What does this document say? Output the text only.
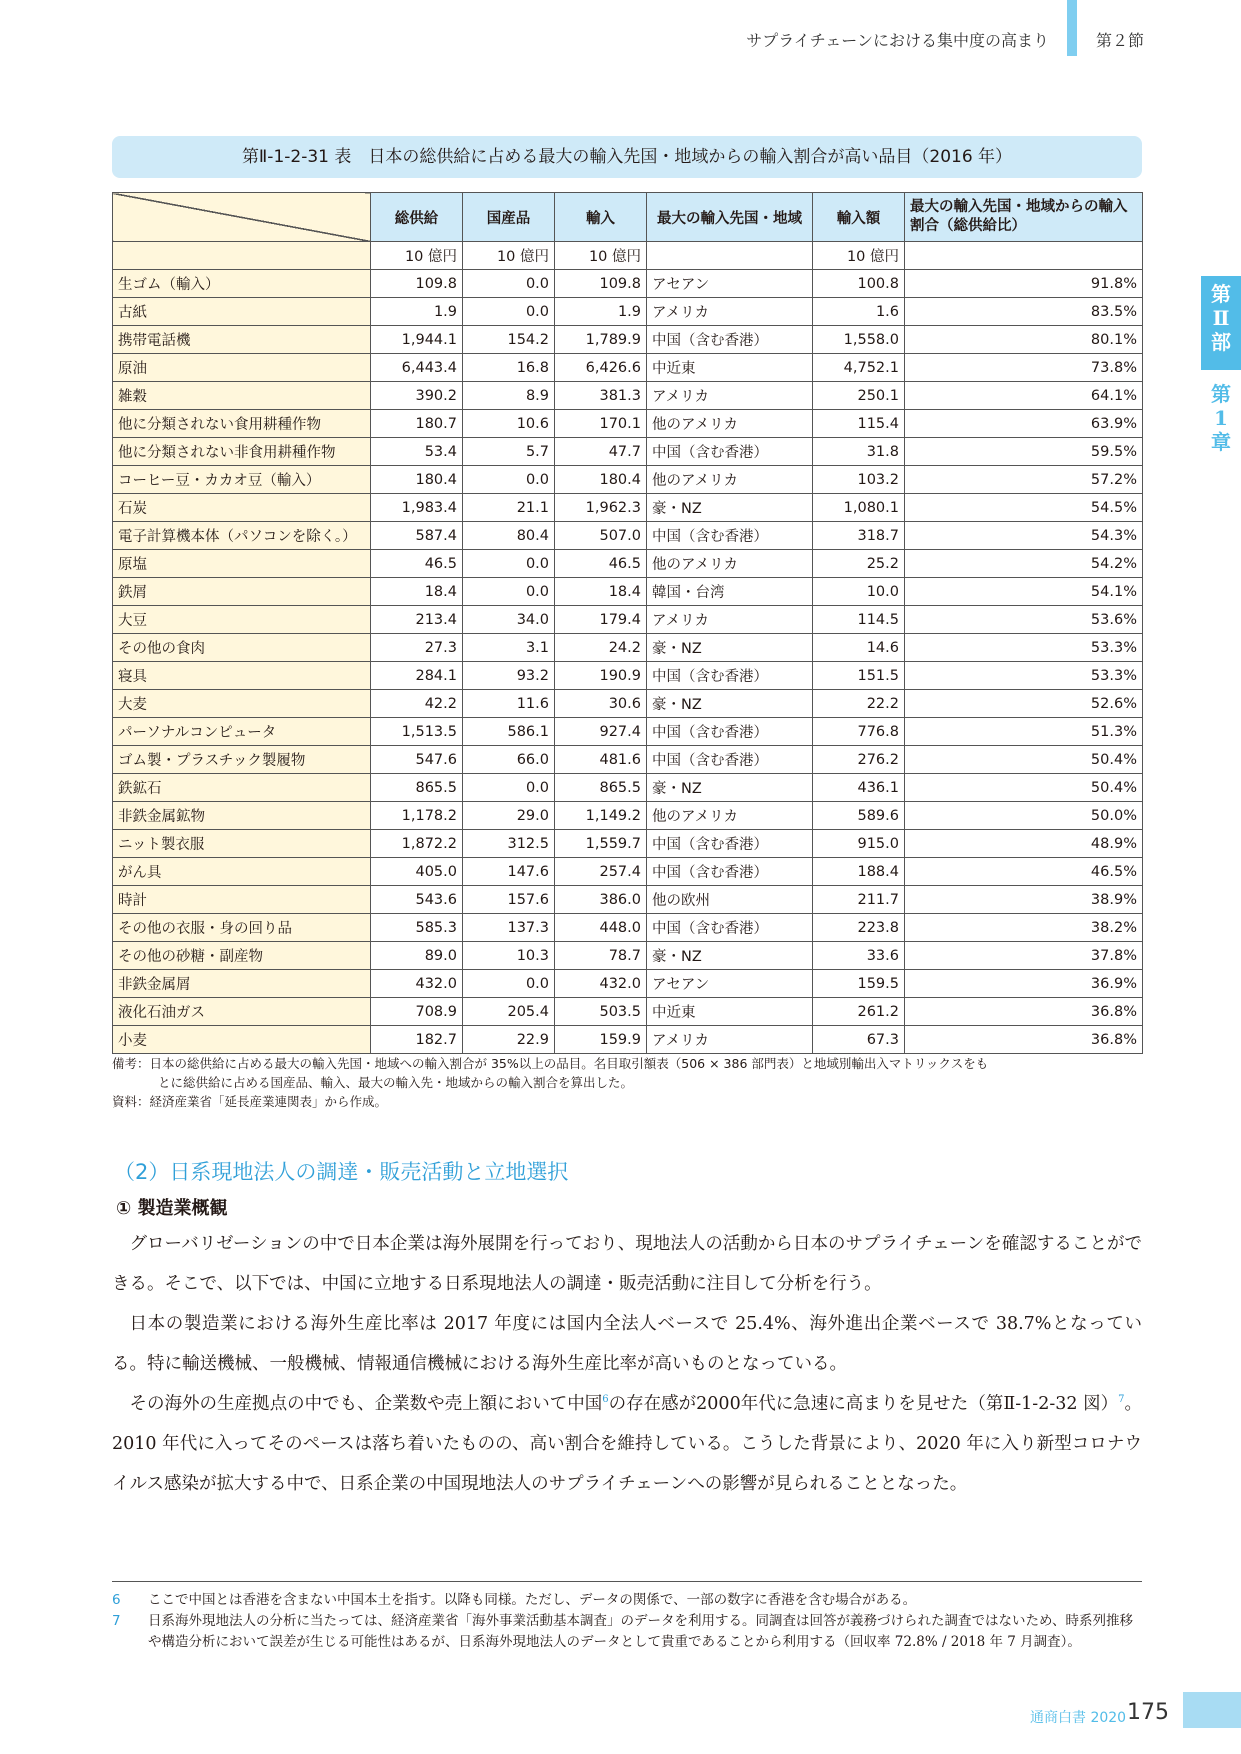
サプライチェーンにおける集中度の高まり	第２節
第
Ⅱ
部
第
1
章
第Ⅱ-1-2-31 表　日本の総供給に占める最大の輸入先国・地域からの輸入割合が高い品目（2016 年）
	総供給	国産品	輸入	最大の輸入先国・地域	輸入額	最大の輸入先国・地域からの輸入割合（総供給比）
	10 億円	10 億円	10 億円		10 億円	
生ゴム（輸入）	109.8	0.0	109.8	アセアン	100.8	91.8%
古紙	1.9	0.0	1.9	アメリカ	1.6	83.5%
携帯電話機	1,944.1	154.2	1,789.9	中国（含む香港）	1,558.0	80.1%
原油	6,443.4	16.8	6,426.6	中近東	4,752.1	73.8%
雑穀	390.2	8.9	381.3	アメリカ	250.1	64.1%
他に分類されない食用耕種作物	180.7	10.6	170.1	他のアメリカ	115.4	63.9%
他に分類されない非食用耕種作物	53.4	5.7	47.7	中国（含む香港）	31.8	59.5%
コーヒー豆・カカオ豆（輸入）	180.4	0.0	180.4	他のアメリカ	103.2	57.2%
石炭	1,983.4	21.1	1,962.3	豪・NZ	1,080.1	54.5%
電子計算機本体（パソコンを除く。）	587.4	80.4	507.0	中国（含む香港）	318.7	54.3%
原塩	46.5	0.0	46.5	他のアメリカ	25.2	54.2%
鉄屑	18.4	0.0	18.4	韓国・台湾	10.0	54.1%
大豆	213.4	34.0	179.4	アメリカ	114.5	53.6%
その他の食肉	27.3	3.1	24.2	豪・NZ	14.6	53.3%
寝具	284.1	93.2	190.9	中国（含む香港）	151.5	53.3%
大麦	42.2	11.6	30.6	豪・NZ	22.2	52.6%
パーソナルコンピュータ	1,513.5	586.1	927.4	中国（含む香港）	776.8	51.3%
ゴム製・プラスチック製履物	547.6	66.0	481.6	中国（含む香港）	276.2	50.4%
鉄鉱石	865.5	0.0	865.5	豪・NZ	436.1	50.4%
非鉄金属鉱物	1,178.2	29.0	1,149.2	他のアメリカ	589.6	50.0%
ニット製衣服	1,872.2	312.5	1,559.7	中国（含む香港）	915.0	48.9%
がん具	405.0	147.6	257.4	中国（含む香港）	188.4	46.5%
時計	543.6	157.6	386.0	他の欧州	211.7	38.9%
その他の衣服・身の回り品	585.3	137.3	448.0	中国（含む香港）	223.8	38.2%
その他の砂糖・副産物	89.0	10.3	78.7	豪・NZ	33.6	37.8%
非鉄金属屑	432.0	0.0	432.0	アセアン	159.5	36.9%
液化石油ガス	708.9	205.4	503.5	中近東	261.2	36.8%
小麦	182.7	22.9	159.9	アメリカ	67.3	36.8%
備考：日本の総供給に占める最大の輸入先国・地域への輸入割合が 35%以上の品目。名目取引額表（506 × 386 部門表）と地域別輸出入マトリックスをも
とに総供給に占める国産品、輸入、最大の輸入先・地域からの輸入割合を算出した。
資料：経済産業省「延長産業連関表」から作成。
（2）日系現地法人の調達・販売活動と立地選択
① 製造業概観

グローバリゼーションの中で日本企業は海外展開を行っており、現地法人の活動から日本のサプライチェーンを確認することができる。そこで、以下では、中国に立地する日系現地法人の調達・販売活動に注目して分析を行う。

日本の製造業における海外生産比率は 2017 年度には国内全法人ベースで 25.4%、海外進出企業ベースで 38.7%となっている。特に輸送機械、一般機械、情報通信機械における海外生産比率が高いものとなっている。

その海外の生産拠点の中でも、企業数や売上額において中国$^6$の存在感が2000年代に急速に高まりを見せた（第Ⅱ-1-2-32 図）$^7$。2010 年代に入ってそのペースは落ち着いたものの、高い割合を維持している。こうした背景により、2020 年に入り新型コロナウイルス感染が拡大する中で、日系企業の中国現地法人のサプライチェーンへの影響が見られることとなった。

6	ここで中国とは香港を含まない中国本土を指す。以降も同様。ただし、データの関係で、一部の数字に香港を含む場合がある。
7	日系海外現地法人の分析に当たっては、経済産業省「海外事業活動基本調査」のデータを利用する。同調査は回答が義務づけられた調査ではないため、時系列推移や構造分析において誤差が生じる可能性はあるが、日系海外現地法人のデータとして貴重であることから利用する（回収率 72.8% / 2018 年 7 月調査）。
通商白書 2020 175
